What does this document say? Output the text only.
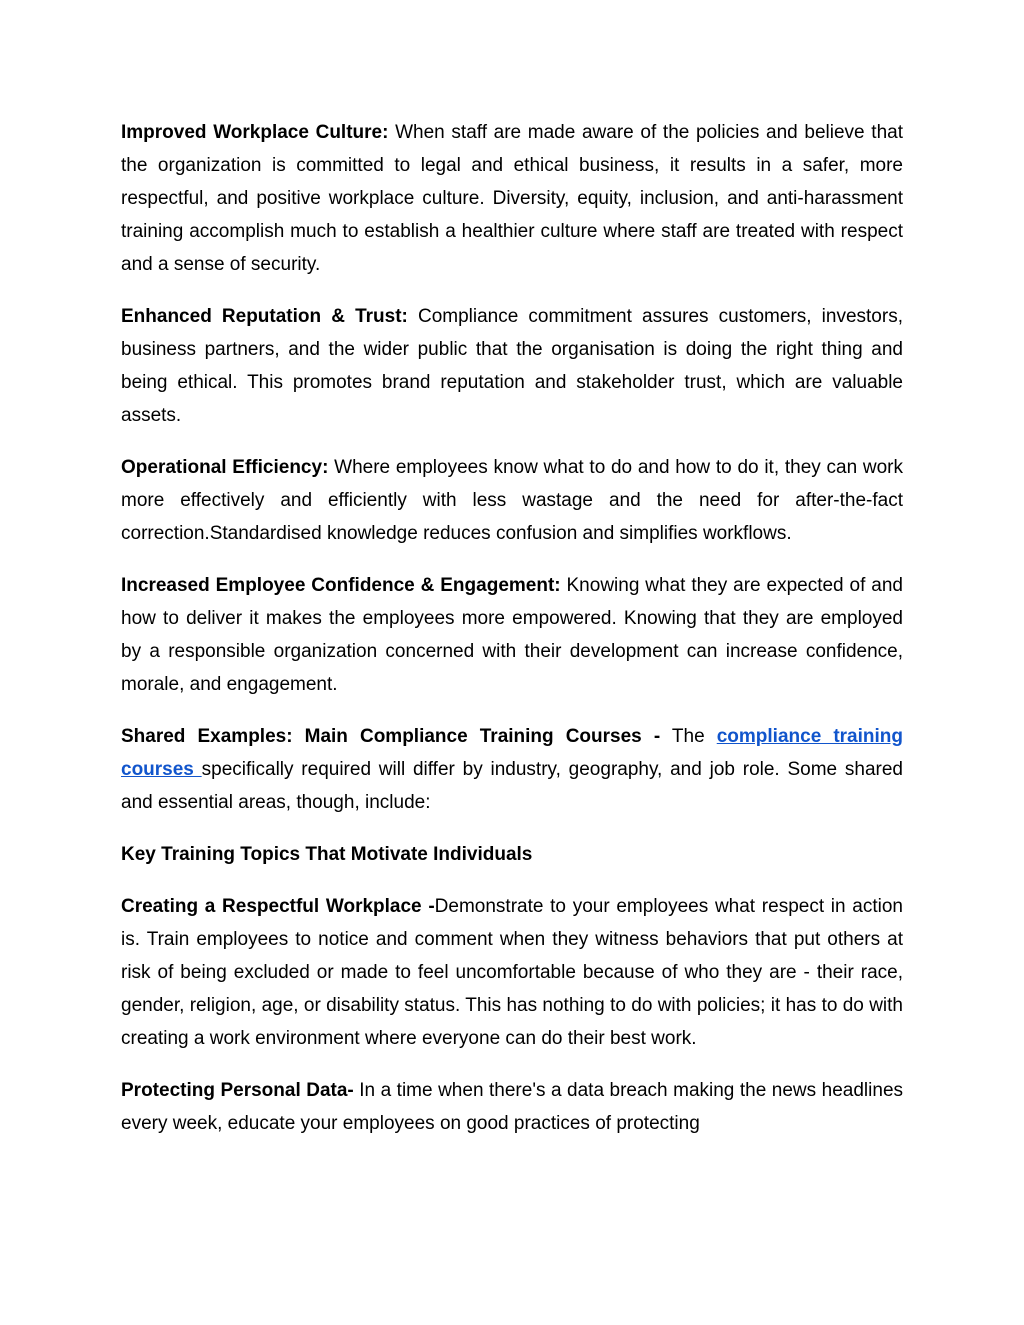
Improved Workplace Culture: When staff are made aware of the policies and believe that the organization is committed to legal and ethical business, it results in a safer, more respectful, and positive workplace culture. Diversity, equity, inclusion, and anti-harassment training accomplish much to establish a healthier culture where staff are treated with respect and a sense of security.

Enhanced Reputation & Trust: Compliance commitment assures customers, investors, business partners, and the wider public that the organisation is doing the right thing and being ethical. This promotes brand reputation and stakeholder trust, which are valuable assets.

Operational Efficiency: Where employees know what to do and how to do it, they can work more effectively and efficiently with less wastage and the need for after-the-fact correction.Standardised knowledge reduces confusion and simplifies workflows.

Increased Employee Confidence & Engagement: Knowing what they are expected of and how to deliver it makes the employees more empowered. Knowing that they are employed by a responsible organization concerned with their development can increase confidence, morale, and engagement.

Shared Examples: Main Compliance Training Courses - The compliance training courses specifically required will differ by industry, geography, and job role. Some shared and essential areas, though, include:

Key Training Topics That Motivate Individuals

Creating a Respectful Workplace -Demonstrate to your employees what respect in action is. Train employees to notice and comment when they witness behaviors that put others at risk of being excluded or made to feel uncomfortable because of who they are - their race, gender, religion, age, or disability status. This has nothing to do with policies; it has to do with creating a work environment where everyone can do their best work.

Protecting Personal Data- In a time when there's a data breach making the news headlines every week, educate your employees on good practices of protecting
